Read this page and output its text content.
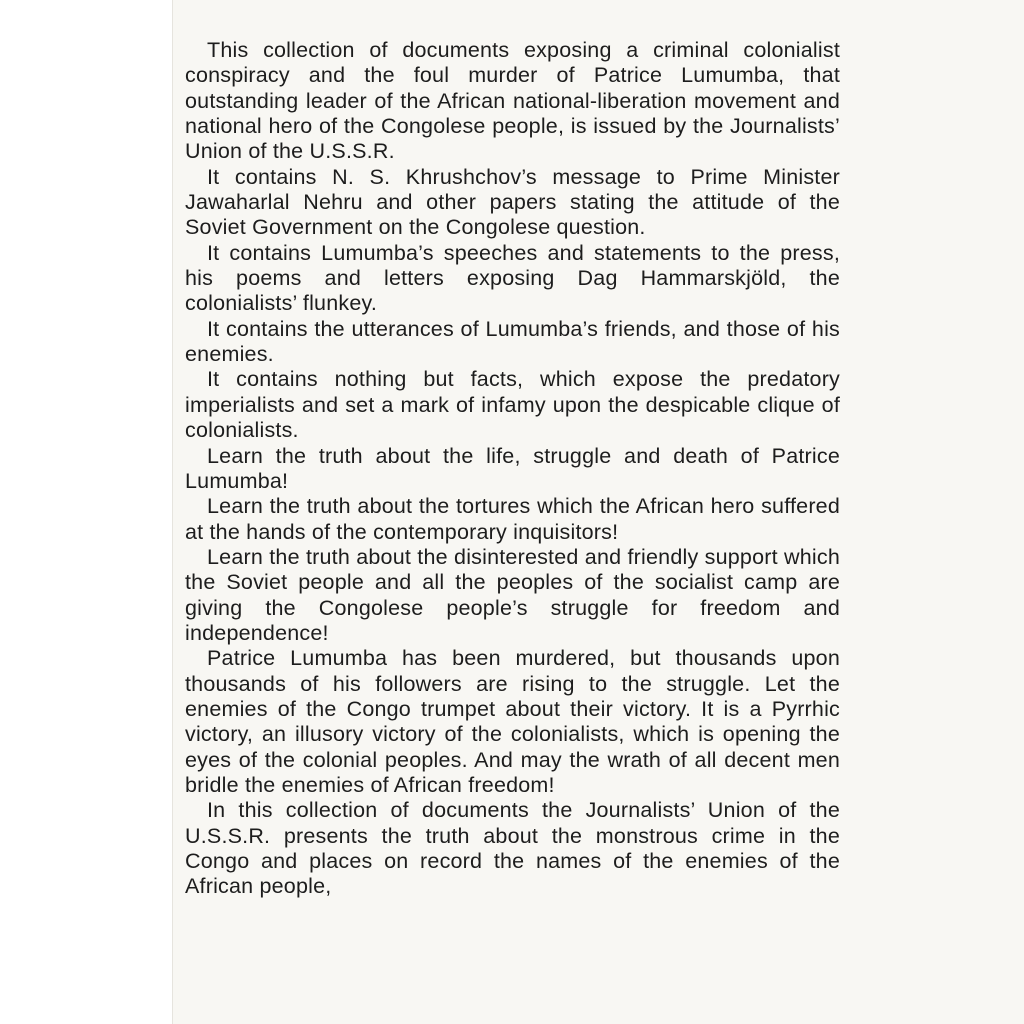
This collection of documents exposing a criminal colonialist conspiracy and the foul murder of Patrice Lumumba, that outstanding leader of the African national-liberation movement and national hero of the Congolese people, is issued by the Journalists’ Union of the U.S.S.R.

It contains N. S. Khrushchov’s message to Prime Minister Jawaharlal Nehru and other papers stating the attitude of the Soviet Government on the Congolese question.

It contains Lumumba’s speeches and statements to the press, his poems and letters exposing Dag Hammarskjöld, the colonialists’ flunkey.

It contains the utterances of Lumumba’s friends, and those of his enemies.

It contains nothing but facts, which expose the predatory imperialists and set a mark of infamy upon the despicable clique of colonialists.

Learn the truth about the life, struggle and death of Patrice Lumumba!

Learn the truth about the tortures which the African hero suffered at the hands of the contemporary inquisitors!

Learn the truth about the disinterested and friendly support which the Soviet people and all the peoples of the socialist camp are giving the Congolese people’s struggle for freedom and independence!

Patrice Lumumba has been murdered, but thousands upon thousands of his followers are rising to the struggle. Let the enemies of the Congo trumpet about their victory. It is a Pyrrhic victory, an illusory victory of the colonialists, which is opening the eyes of the colonial peoples. And may the wrath of all decent men bridle the enemies of African freedom!

In this collection of documents the Journalists’ Union of the U.S.S.R. presents the truth about the monstrous crime in the Congo and places on record the names of the enemies of the African people,
